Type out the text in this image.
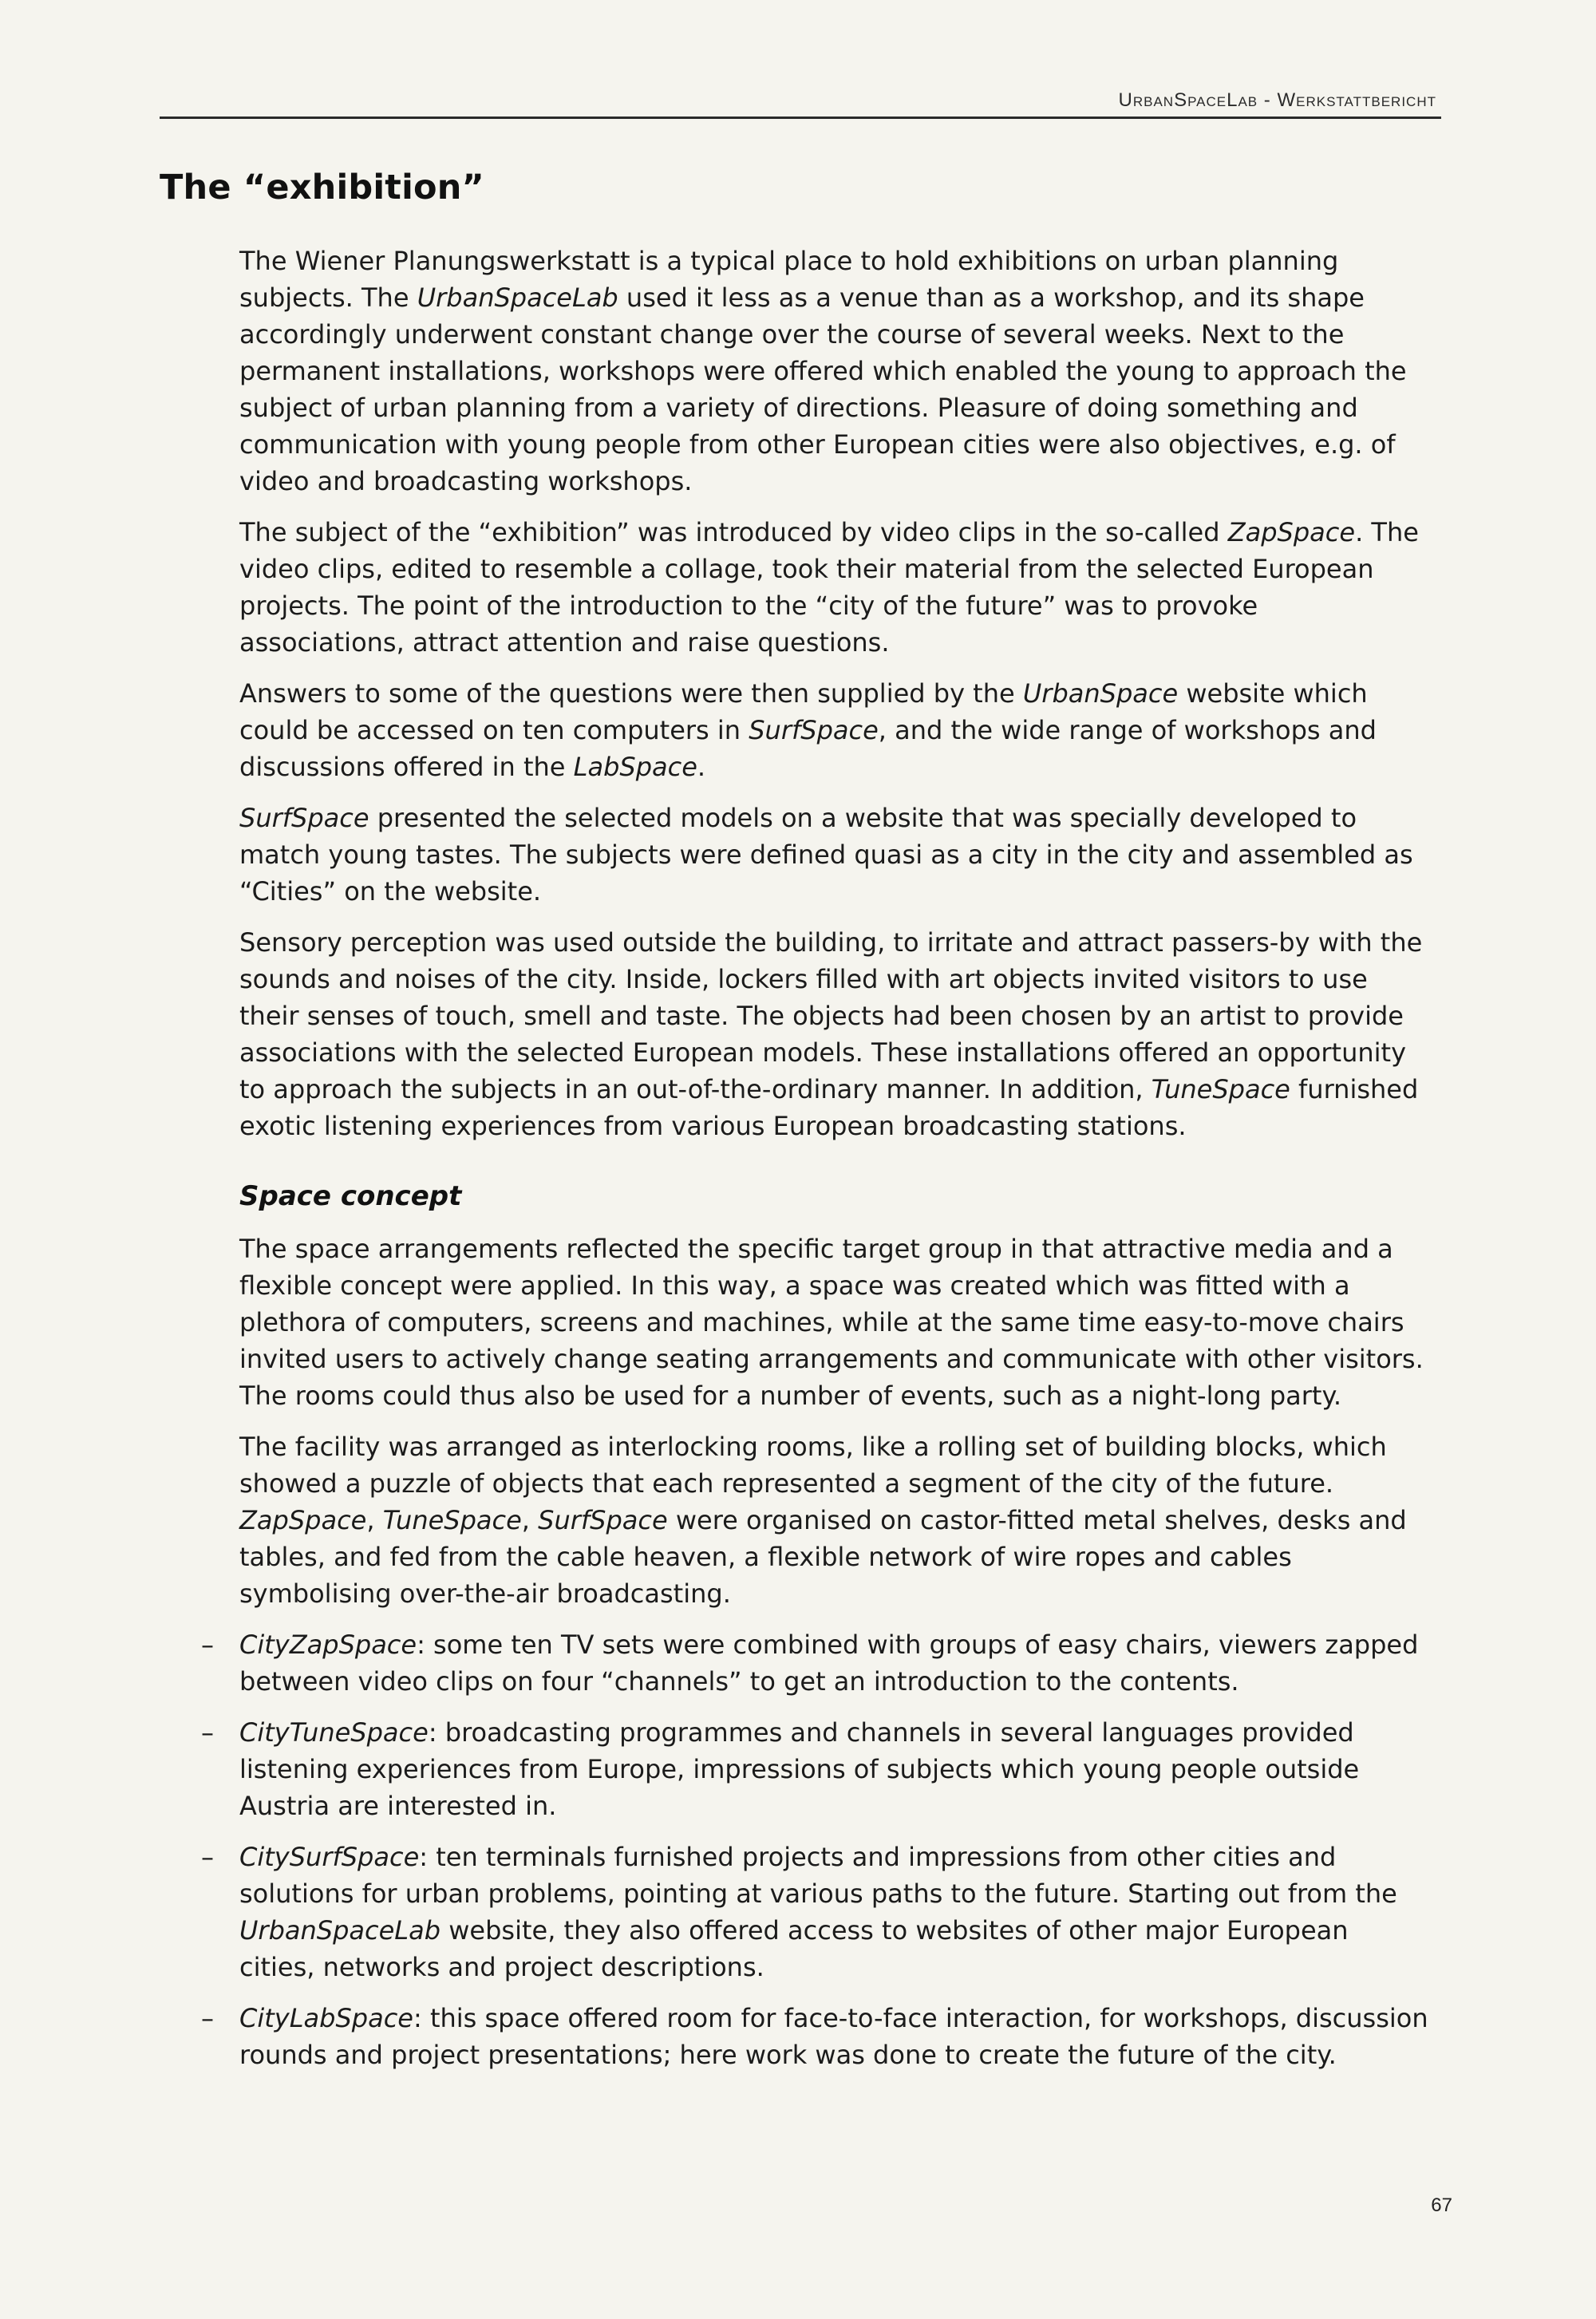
UrbanSpaceLab - Werkstattbericht
The “exhibition”

The Wiener Planungswerkstatt is a typical place to hold exhibitions on urban planning subjects. The UrbanSpaceLab used it less as a venue than as a workshop, and its shape accordingly underwent constant change over the course of several weeks. Next to the permanent installations, workshops were offered which enabled the young to approach the subject of urban planning from a variety of directions. Pleasure of doing something and communication with young people from other European cities were also objectives, e.g. of video and broadcasting workshops.

The subject of the “exhibition” was introduced by video clips in the so-called ZapSpace. The video clips, edited to resemble a collage, took their material from the selected European projects. The point of the introduction to the “city of the future” was to provoke associations, attract attention and raise questions.

Answers to some of the questions were then supplied by the UrbanSpace website which could be accessed on ten computers in SurfSpace, and the wide range of workshops and discussions offered in the LabSpace.

SurfSpace presented the selected models on a website that was specially developed to match young tastes. The subjects were defined quasi as a city in the city and assembled as “Cities” on the website.

Sensory perception was used outside the building, to irritate and attract passers-by with the sounds and noises of the city. Inside, lockers filled with art objects invited visitors to use their senses of touch, smell and taste. The objects had been chosen by an artist to provide associations with the selected European models. These installations offered an opportunity to approach the subjects in an out-of-the-ordinary manner. In addition, TuneSpace furnished exotic listening experiences from various European broadcasting stations.

Space concept

The space arrangements reflected the specific target group in that attractive media and a flexible concept were applied. In this way, a space was created which was fitted with a plethora of computers, screens and machines, while at the same time easy-to-move chairs invited users to actively change seating arrangements and communicate with other visitors. The rooms could thus also be used for a number of events, such as a night-long party.

The facility was arranged as interlocking rooms, like a rolling set of building blocks, which showed a puzzle of objects that each represented a segment of the city of the future. ZapSpace, TuneSpace, SurfSpace were organised on castor-fitted metal shelves, desks and tables, and fed from the cable heaven, a flexible network of wire ropes and cables symbolising over-the-air broadcasting.

– CityZapSpace: some ten TV sets were combined with groups of easy chairs, viewers zapped between video clips on four “channels” to get an introduction to the contents.
– CityTuneSpace: broadcasting programmes and channels in several languages provided listening experiences from Europe, impressions of subjects which young people outside Austria are interested in.
– CitySurfSpace: ten terminals furnished projects and impressions from other cities and solutions for urban problems, pointing at various paths to the future. Starting out from the UrbanSpaceLab website, they also offered access to websites of other major European cities, networks and project descriptions.
– CityLabSpace: this space offered room for face-to-face interaction, for workshops, discussion rounds and project presentations; here work was done to create the future of the city.
67
